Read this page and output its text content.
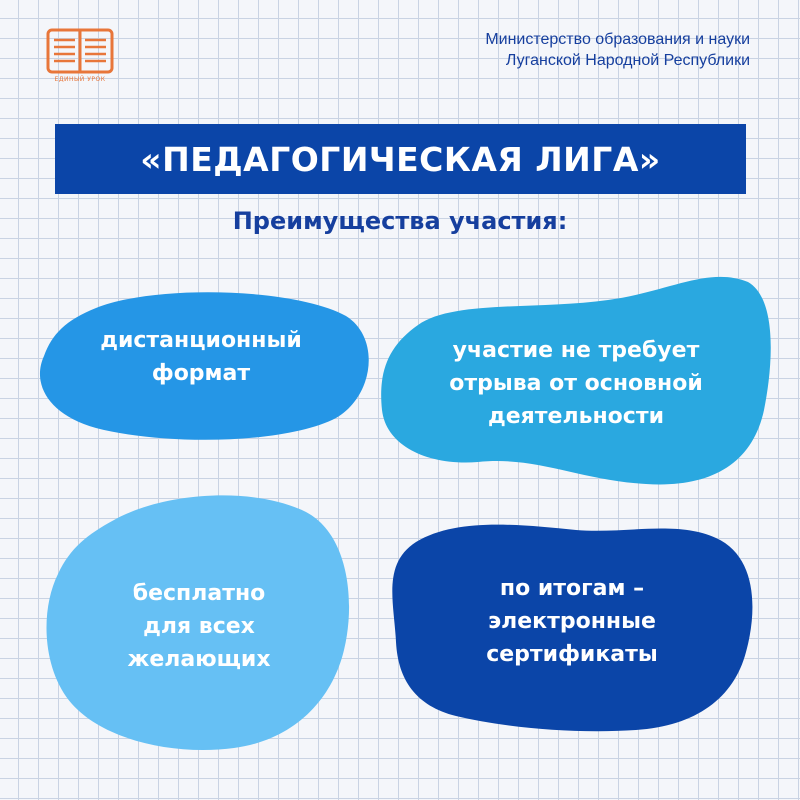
ЕДИНЫЙ УРОК
Министерство образования и науки
Луганской Народной Республики
«ПЕДАГОГИЧЕСКАЯ ЛИГА»
Преимущества участия:
дистанционный
формат
участие не требует
отрыва от основной
деятельности
бесплатно
для всех
желающих
по итогам –
электронные
сертификаты
